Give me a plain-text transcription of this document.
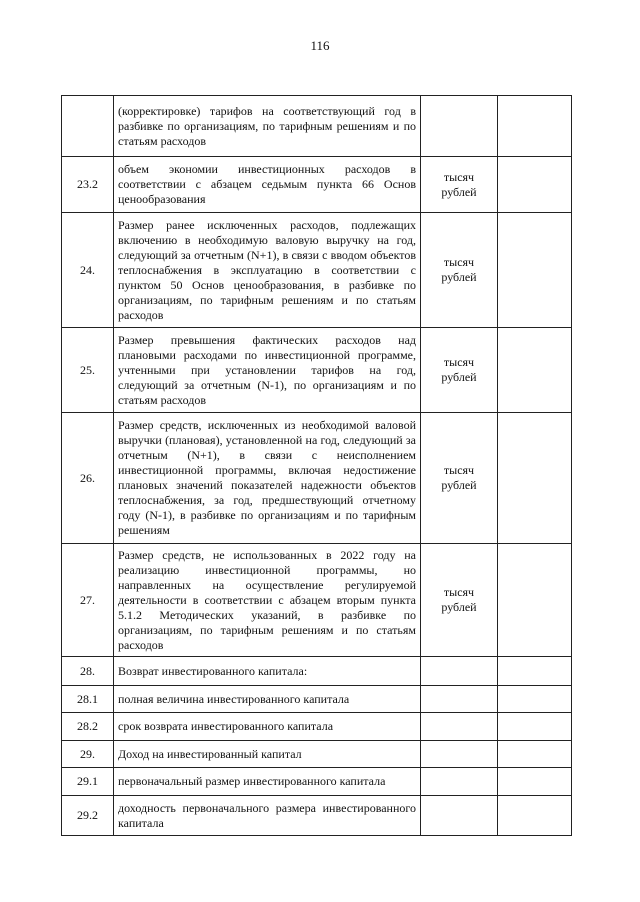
116
	(корректировке) тарифов на соответствующий год в разбивке по организациям, по тарифным решениям и по статьям расходов		
23.2	объем экономии инвестиционных расходов в соответствии с абзацем седьмым пункта 66 Основ ценообразования	тысяч рублей	
24.	Размер ранее исключенных расходов, подлежащих включению в необходимую валовую выручку на год, следующий за отчетным (N+1), в связи с вводом объектов теплоснабжения в эксплуатацию в соответствии с пунктом 50 Основ ценообразования, в разбивке по организациям, по тарифным решениям и по статьям расходов	тысяч рублей	
25.	Размер превышения фактических расходов над плановыми расходами по инвестиционной программе, учтенными при установлении тарифов на год, следующий за отчетным (N-1), по организациям и по статьям расходов	тысяч рублей	
26.	Размер средств, исключенных из необходимой валовой выручки (плановая), установленной на год, следующий за отчетным (N+1), в связи с неисполнением инвестиционной программы, включая недостижение плановых значений показателей надежности объектов теплоснабжения, за год, предшествующий отчетному году (N-1), в разбивке по организациям и по тарифным решениям	тысяч рублей	
27.	Размер средств, не использованных в 2022 году на реализацию инвестиционной программы, но направленных на осуществление регулируемой деятельности в соответствии с абзацем вторым пункта 5.1.2 Методических указаний, в разбивке по организациям, по тарифным решениям и по статьям расходов	тысяч рублей	
28.	Возврат инвестированного капитала:		
28.1	полная величина инвестированного капитала		
28.2	срок возврата инвестированного капитала		
29.	Доход на инвестированный капитал		
29.1	первоначальный размер инвестированного капитала		
29.2	доходность первоначального размера инвестированного капитала		
